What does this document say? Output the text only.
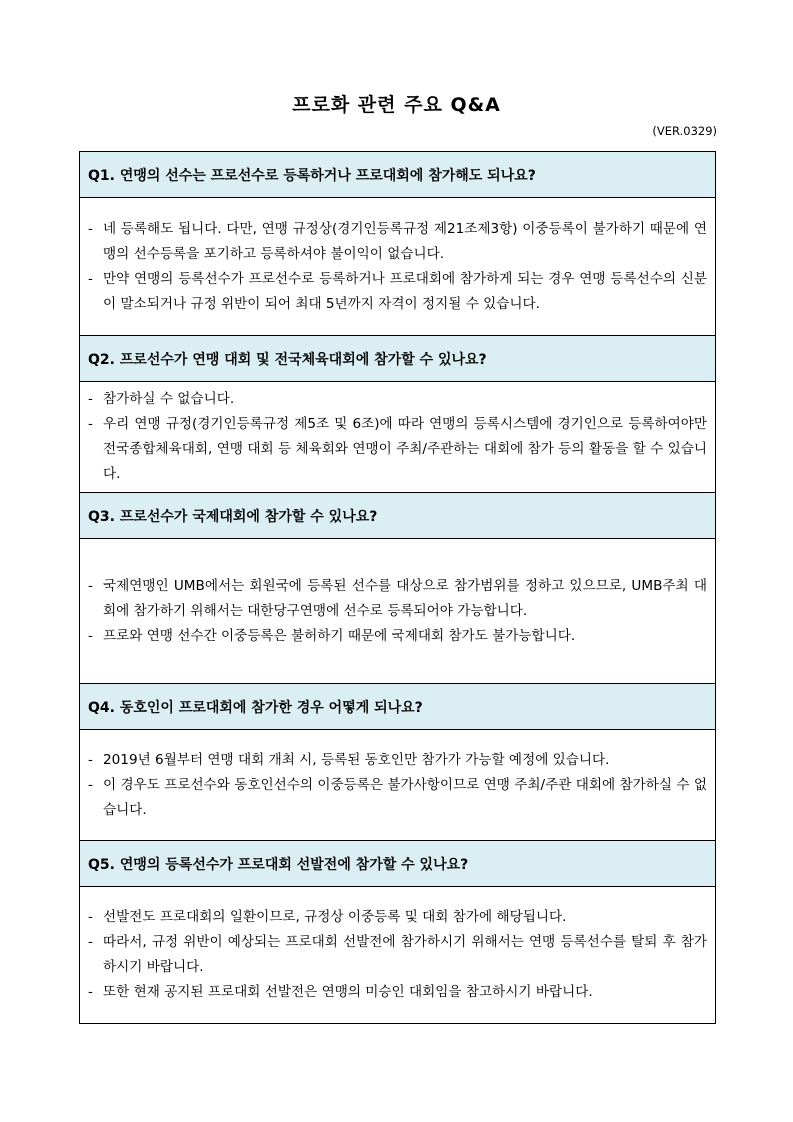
프로화 관련 주요 Q&A
(VER.0329)
Q1. 연맹의 선수는 프로선수로 등록하거나 프로대회에 참가해도 되나요?

- 네 등록해도 됩니다. 다만, 연맹 규정상(경기인등록규정 제21조제3항) 이중등록이 불가하기 때문에 연맹의 선수등록을 포기하고 등록하셔야 불이익이 없습니다.
- 만약 연맹의 등록선수가 프로선수로 등록하거나 프로대회에 참가하게 되는 경우 연맹 등록선수의 신분이 말소되거나 규정 위반이 되어 최대 5년까지 자격이 정지될 수 있습니다.

Q2. 프로선수가 연맹 대회 및 전국체육대회에 참가할 수 있나요?

- 참가하실 수 없습니다.
- 우리 연맹 규정(경기인등록규정 제5조 및 6조)에 따라 연맹의 등록시스템에 경기인으로 등록하여야만 전국종합체육대회, 연맹 대회 등 체육회와 연맹이 주최/주관하는 대회에 참가 등의 활동을 할 수 있습니다.

Q3. 프로선수가 국제대회에 참가할 수 있나요?

- 국제연맹인 UMB에서는 회원국에 등록된 선수를 대상으로 참가범위를 정하고 있으므로, UMB주최 대회에 참가하기 위해서는 대한당구연맹에 선수로 등록되어야 가능합니다.
- 프로와 연맹 선수간 이중등록은 불허하기 때문에 국제대회 참가도 불가능합니다.

Q4. 동호인이 프로대회에 참가한 경우 어떻게 되나요?

- 2019년 6월부터 연맹 대회 개최 시, 등록된 동호인만 참가가 가능할 예정에 있습니다.
- 이 경우도 프로선수와 동호인선수의 이중등록은 불가사항이므로 연맹 주최/주관 대회에 참가하실 수 없습니다.

Q5. 연맹의 등록선수가 프로대회 선발전에 참가할 수 있나요?

- 선발전도 프로대회의 일환이므로, 규정상 이중등록 및 대회 참가에 해당됩니다.
- 따라서, 규정 위반이 예상되는 프로대회 선발전에 참가하시기 위해서는 연맹 등록선수를 탈퇴 후 참가하시기 바랍니다.
- 또한 현재 공지된 프로대회 선발전은 연맹의 미승인 대회임을 참고하시기 바랍니다.
